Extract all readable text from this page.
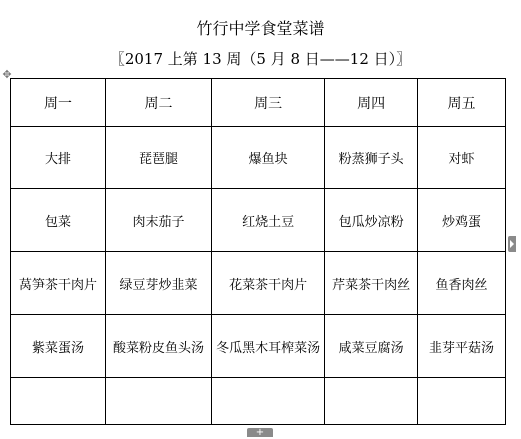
竹行中学食堂菜谱
〖2017 上第 13 周（5 月 8 日——12 日）〗
✥
周一	周二	周三	周四	周五
大排	琵琶腿	爆鱼块	粉蒸狮子头	对虾
包菜	肉末茄子	红烧土豆	包瓜炒凉粉	炒鸡蛋
莴笋茶干肉片	绿豆芽炒韭菜	花菜茶干肉片	芹菜茶干肉丝	鱼香肉丝
紫菜蛋汤	酸菜粉皮鱼头汤	冬瓜黑木耳榨菜汤	咸菜豆腐汤	韭芽平菇汤

+
